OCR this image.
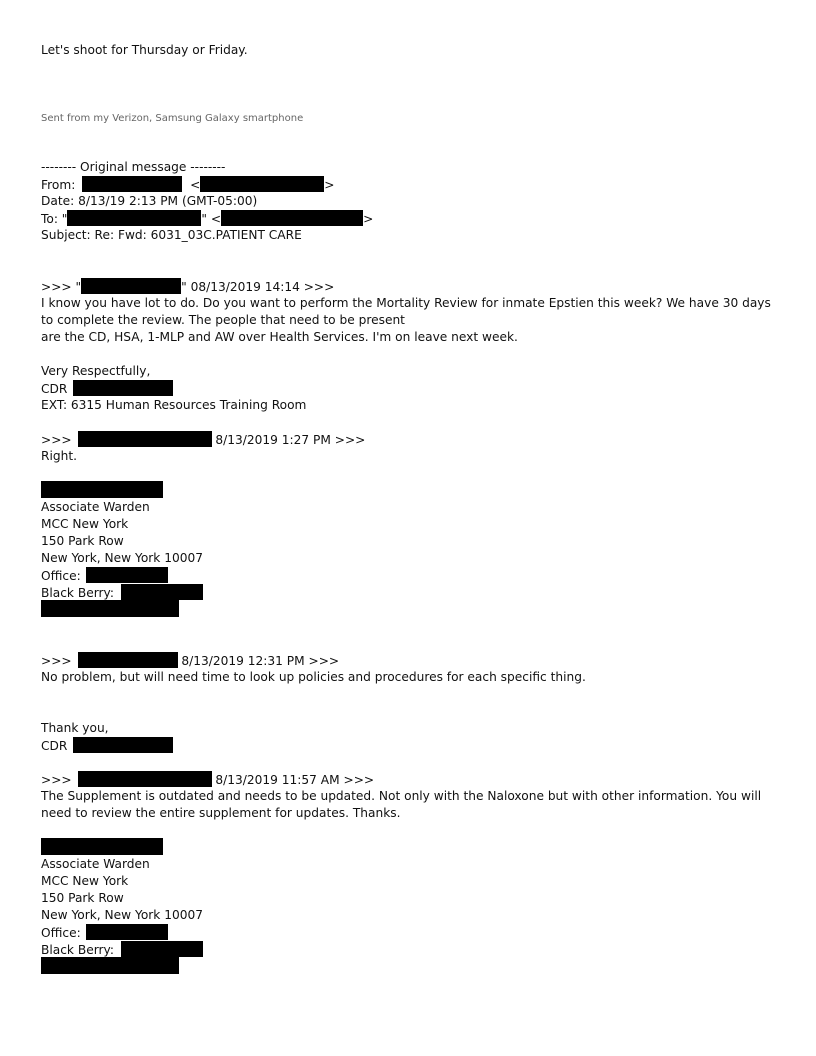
Let's shoot for Thursday or Friday.
Sent from my Verizon, Samsung Galaxy smartphone
-------- Original message --------
From:	<	>
Date: 8/13/19 2:13 PM (GMT-05:00)
To: "	" <	>
Subject: Re: Fwd: 6031_03C.PATIENT CARE
>>> "	" 08/13/2019 14:14 >>>
I know you have lot to do. Do you want to perform the Mortality Review for inmate Epstien this week? We have 30 days to complete the review. The people that need to be present
are the CD, HSA, 1-MLP and AW over Health Services. I'm on leave next week.
Very Respectfully,
CDR
EXT: 6315 Human Resources Training Room
>>>	8/13/2019 1:27 PM >>>
Right.
Associate Warden
MCC New York
150 Park Row
New York, New York 10007
Office:
Black Berry:
>>>	8/13/2019 12:31 PM >>>
No problem, but will need time to look up policies and procedures for each specific thing.
Thank you,
CDR
>>>	8/13/2019 11:57 AM >>>
The Supplement is outdated and needs to be updated. Not only with the Naloxone but with other information. You will need to review the entire supplement for updates. Thanks.
Associate Warden
MCC New York
150 Park Row
New York, New York 10007
Office:
Black Berry:
